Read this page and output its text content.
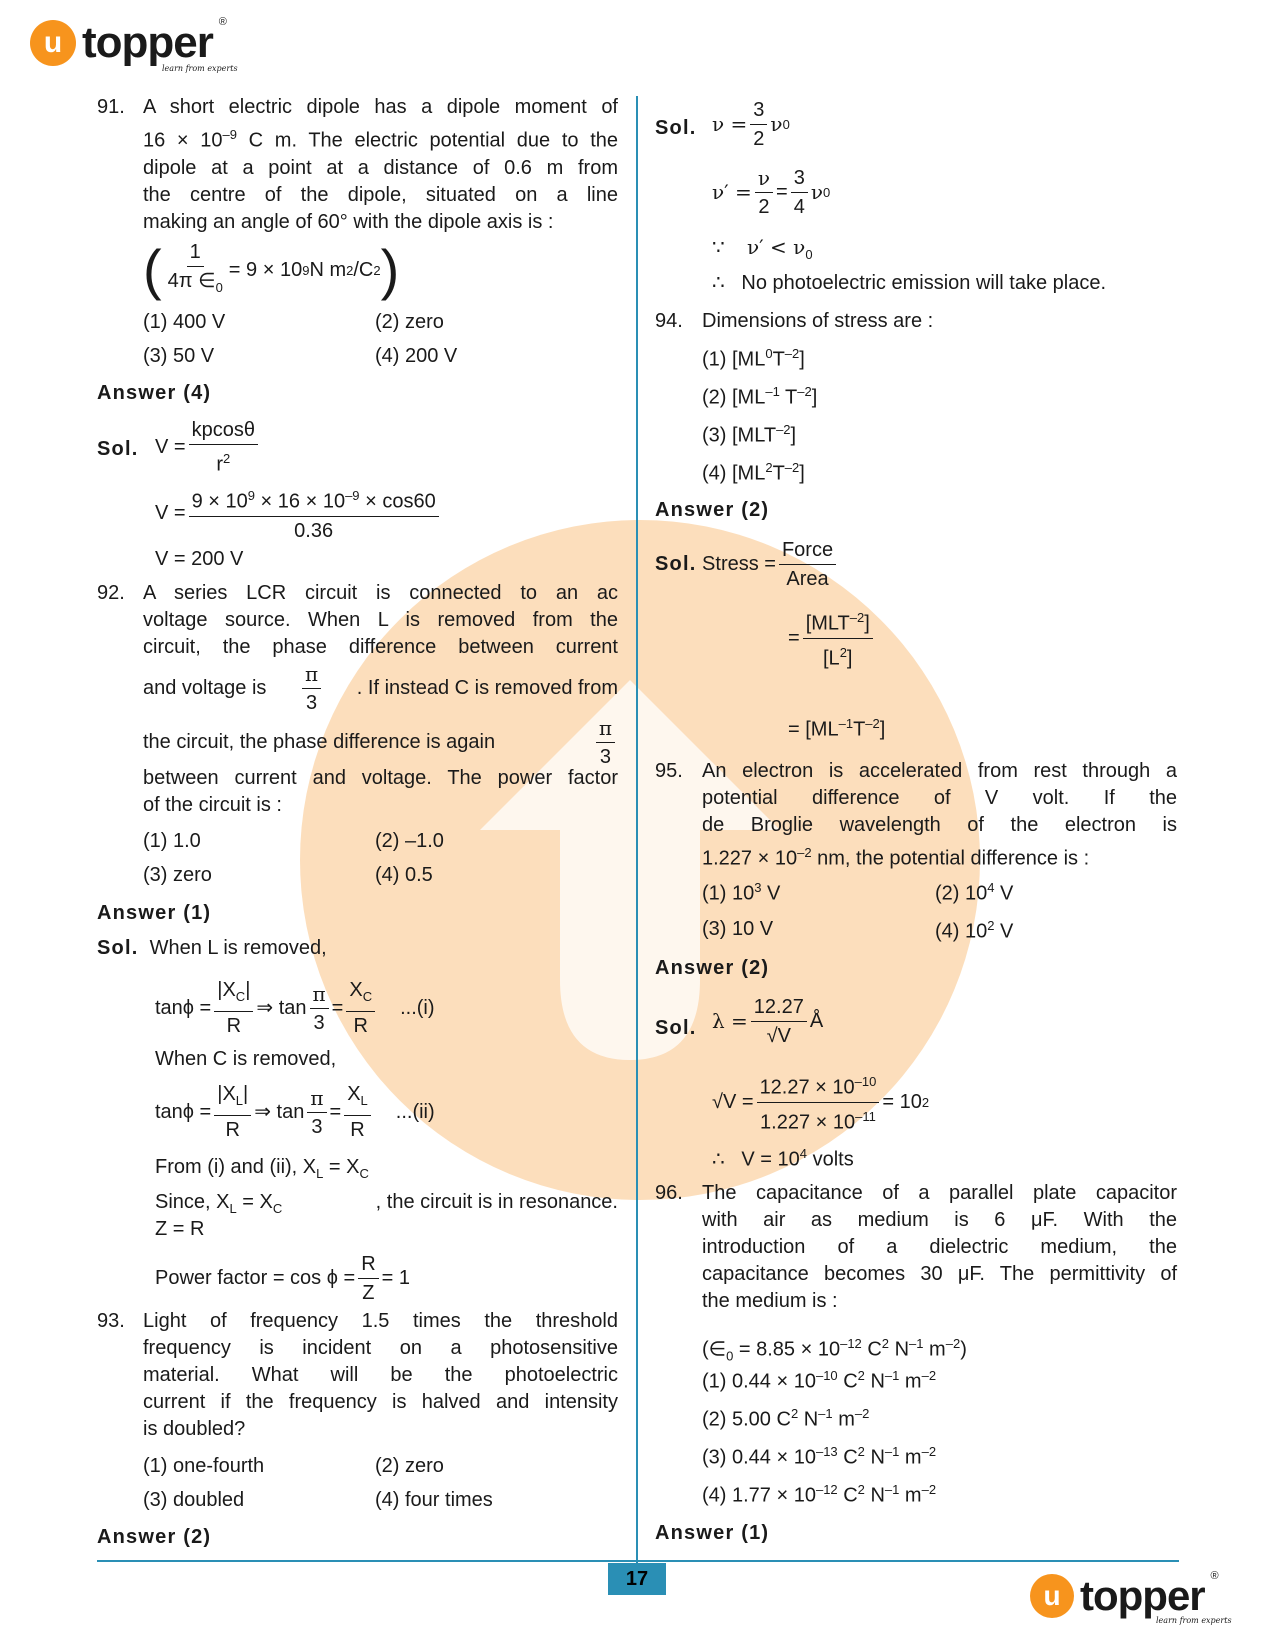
u topper ®
learn from experts
91. A short electric dipole has a dipole moment of
$16 \times 10^{-9}$ C m. The electric potential due to the
dipole at a point at a distance of 0.6 m from
the centre of the dipole, situated on a line
making an angle of 60° with the dipole axis is :
( $\frac{1}{4\pi \in_0} = 9 \times 10$ 9 N m 2 /C 2 )
(1) 400 V	(2) zero
(3) 50 V	(4) 200 V
Answer (4)
Sol. $V = \frac{kpcos\theta}{r^2}$
$V = \frac{9 \times 10^9 \times 16 \times 10^{-9} \times \cos 60}{0.36}$
V = 200 V
92. A series LCR circuit is connected to an ac
voltage source. When L is removed from the
circuit, the phase difference between current
and voltage is $\frac{\pi}{3}$ . If instead C is removed from
the circuit, the phase difference is again	$\frac{\pi}{3}$
between current and voltage. The power factor
of the circuit is :
(1) 1.0	(2) –1.0
(3) zero	(4) 0.5
Answer (1)
Sol. When L is removed,
$\tan\phi = \frac{|X_C|}{R}$ ⇒ $\tan \frac{\pi}{3} = \frac{X_C}{R} ...(i)$
When C is removed,
$\tan\phi = \frac{|X_L|}{R}$ ⇒ $\tan \frac{\pi}{3} = \frac{X_L}{R} ...(ii)$
From (i) and (ii), $X_L = X_C$
Since, $X_L = X_C$	, the circuit is in resonance.
Z = R
Power factor = $\cos \phi = \frac{R}{Z} = 1$
93. Light of frequency 1.5 times the threshold
frequency is incident on a photosensitive
material. What will be the photoelectric
current if the frequency is halved and intensity
is doubled?
(1) one-fourth	(2) zero
(3) doubled	(4) four times
Answer (2)
Sol. $\nu = \frac{3}{2}$ ν 0
$\nu' = \frac{\nu}{2} = \frac{3}{4}$ ν 0
∵ $\nu' < \nu_0$
∴ No photoelectric emission will take place.
94. Dimensions of stress are :
(1) $[ML^0T^{-2}]$
(2) [$ML^{-1}$ $T^{-2}$]
(3) $[MLT^{-2}]$
(4) $[ML^2T^{-2}]$
Answer (2)
Sol.
Stress = $\frac{\text{Force}}{\text{Area}}$
= $\frac{[MLT^{-2}]}{[L^2]}$
= $[ML^{-1}T^{-2}]$
95. An electron is accelerated from rest through a
potential difference of V volt. If the
de Broglie wavelength of the electron is
$1.227 \times 10^{-2}$ nm, the potential difference is :
(1) $10^3$ V	(2) $10^4$ V
(3) 10 V	(4) $10^2$ V
Answer (2)
Sol. $\lambda = \frac{12.27}{√V}$ Å
$√V = \frac{12.27 \times 10^{-10}}{1.227 \times 10^{-11}} = 10$ 2
∴ $V = 10^4$ volts
96. The capacitance of a parallel plate capacitor
with air as medium is 6 μF. With the
introduction of a dielectric medium, the
capacitance becomes 30 μF. The permittivity of
the medium is :
($\in_0 = 8.85 \times 10^{-12}$ $C^2$ $N^{-1}$ $m^{-2}$)
(1) $0.44 \times 10^{-10}$ $C^2$ $N^{-1}$ $m^{-2}$
(2) 5.00 $C^2$ $N^{-1}$ $m^{-2}$
(3) $0.44 \times 10^{-13}$ $C^2$ $N^{-1}$ $m^{-2}$
(4) $1.77 \times 10^{-12}$ $C^2$ $N^{-1}$ $m^{-2}$
Answer (1)
17
u topper ®
learn from experts
